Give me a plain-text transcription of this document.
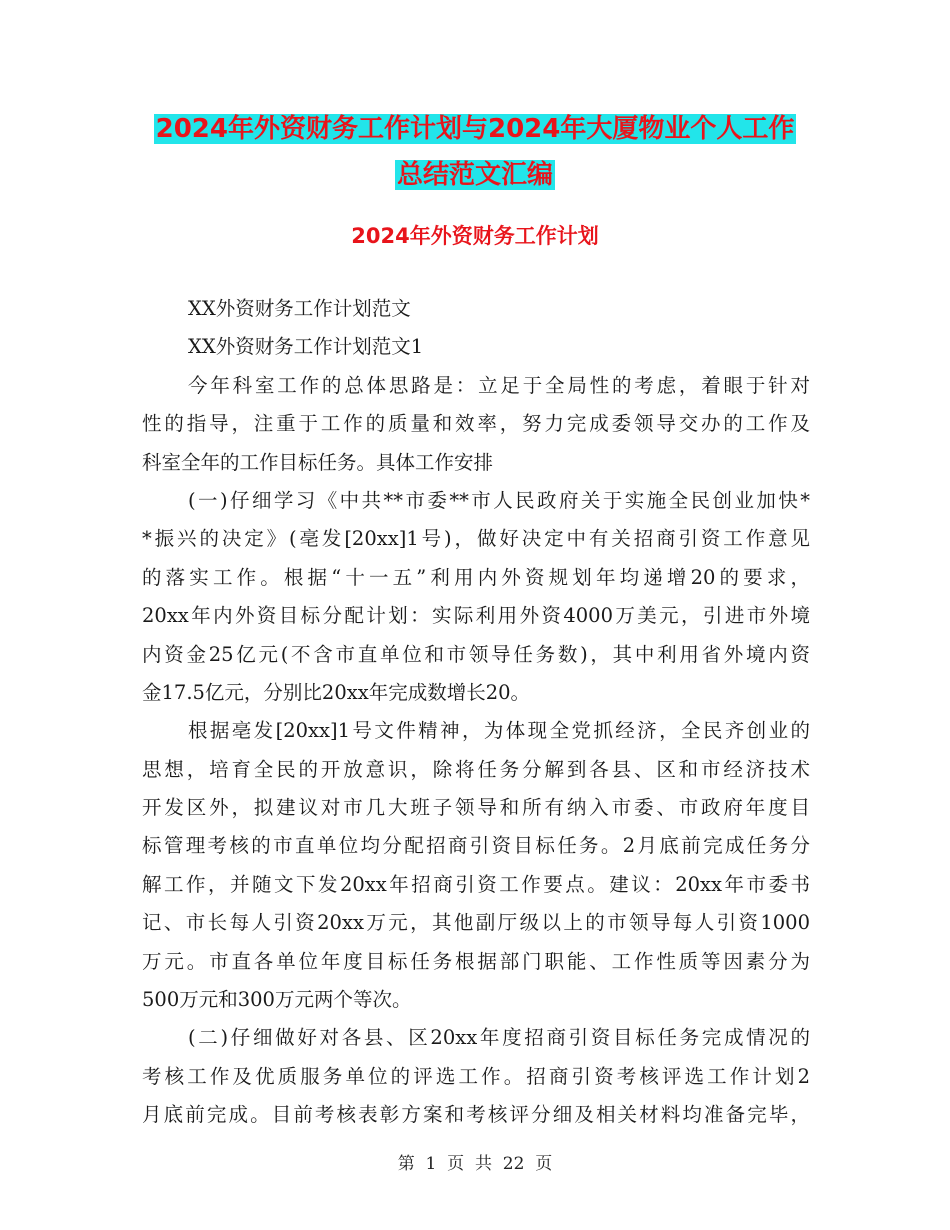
2024年外资财务工作计划与2024年大厦物业个人工作
总结范文汇编
2024年外资财务工作计划
XX外资财务工作计划范文
XX外资财务工作计划范文1
今年科室工作的总体思路是：立足于全局性的考虑，着眼于针对
性的指导，注重于工作的质量和效率，努力完成委领导交办的工作及
科室全年的工作目标任务。具体工作安排
(一)仔细学习《中共**市委**市人民政府关于实施全民创业加快*
*振兴的决定》(亳发[20xx]1号)，做好决定中有关招商引资工作意见
的落实工作。根据“十一五”利用内外资规划年均递增20的要求，
20xx年内外资目标分配计划：实际利用外资4000万美元，引进市外境
内资金25亿元(不含市直单位和市领导任务数)，其中利用省外境内资
金17.5亿元，分别比20xx年完成数增长20。
根据亳发[20xx]1号文件精神，为体现全党抓经济，全民齐创业的
思想，培育全民的开放意识，除将任务分解到各县、区和市经济技术
开发区外，拟建议对市几大班子领导和所有纳入市委、市政府年度目
标管理考核的市直单位均分配招商引资目标任务。2月底前完成任务分
解工作，并随文下发20xx年招商引资工作要点。建议：20xx年市委书
记、市长每人引资20xx万元，其他副厅级以上的市领导每人引资1000
万元。市直各单位年度目标任务根据部门职能、工作性质等因素分为
500万元和300万元两个等次。
(二)仔细做好对各县、区20xx年度招商引资目标任务完成情况的
考核工作及优质服务单位的评选工作。招商引资考核评选工作计划2
月底前完成。目前考核表彰方案和考核评分细及相关材料均准备完毕，
第  1  页  共  22  页
